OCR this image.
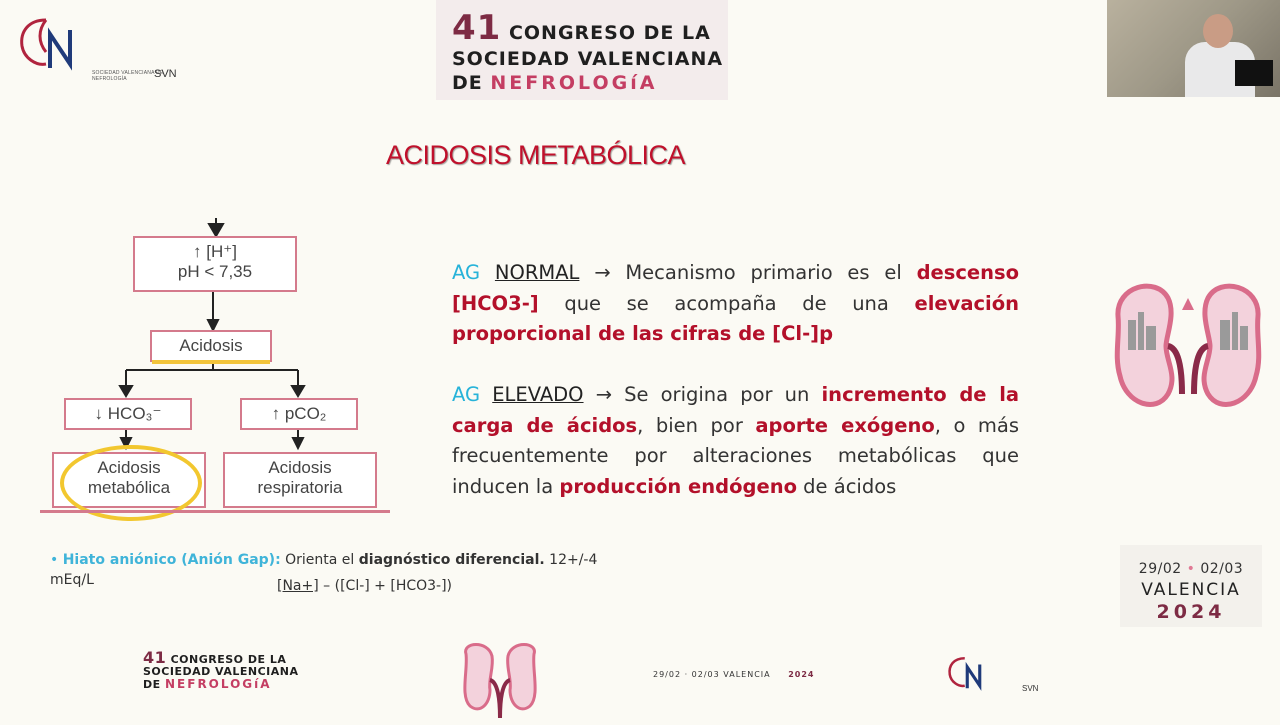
SOCIEDAD VALENCIANA DE NEFROLOGÍA	SVN
41 CONGRESO DE LA
SOCIEDAD VALENCIANA
DE NEFROLOGíA
ACIDOSIS METABÓLICA
↑ [H⁺]
pH < 7,35
Acidosis
↓ HCO₃⁻	↑ pCO₂
Acidosis
metabólica
Acidosis
respiratoria
AG NORMAL → Mecanismo primario es el descenso [HCO3-] que se acompaña de una elevación proporcional de las cifras de [Cl-]p
AG ELEVADO → Se origina por un incremento de la carga de ácidos, bien por aporte exógeno, o más frecuentemente por alteraciones metabólicas que inducen la producción endógeno de ácidos
• Hiato aniónico (Anión Gap): Orienta el diagnóstico diferencial. 12+/-4 mEq/L	[Na+] – ([Cl-] + [HCO3-])
29/02 • 02/03
VALENCIA
2024
41 CONGRESO DE LA
SOCIEDAD VALENCIANA
DE NEFROLOGíA
29/02 · 02/03 VALENCIA 2024
SVN
